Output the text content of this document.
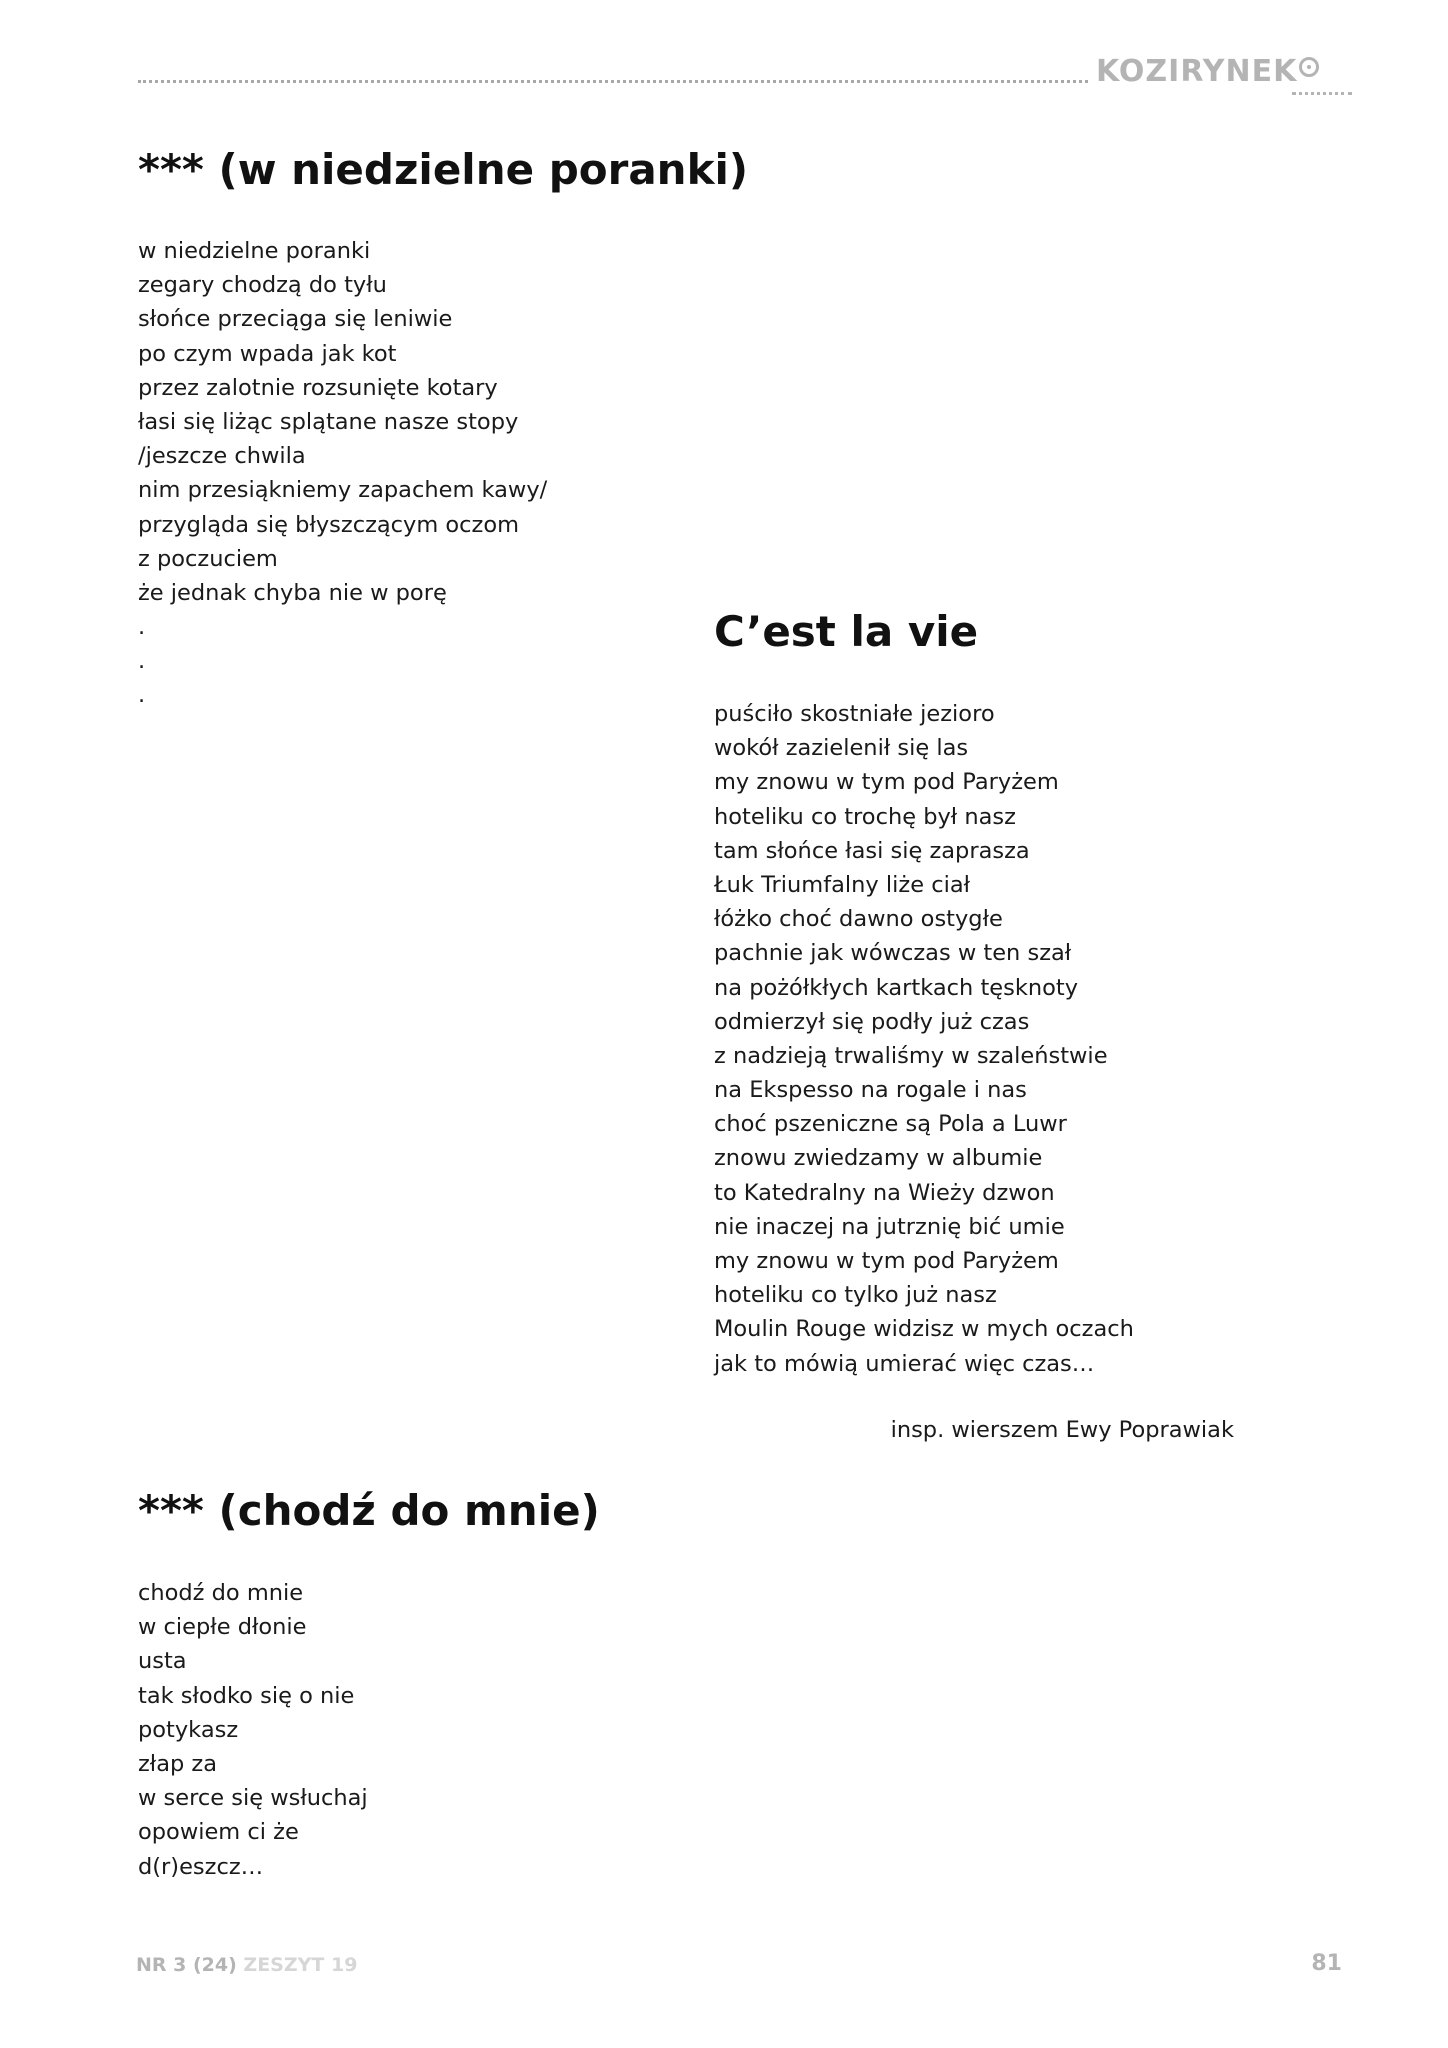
KOZIRYNEK
*** (w niedzielne poranki)
w niedzielne poranki
zegary chodzą do tyłu
słońce przeciąga się leniwie
po czym wpada jak kot
przez zalotnie rozsunięte kotary
łasi się liżąc splątane nasze stopy
/jeszcze chwila
nim przesiąkniemy zapachem kawy/
przygląda się błyszczącym oczom
z poczuciem
że jednak chyba nie w porę
.
.
.
C’est la vie
puściło skostniałe jezioro
wokół zazielenił się las
my znowu w tym pod Paryżem
hoteliku co trochę był nasz
tam słońce łasi się zaprasza
Łuk Triumfalny liże ciał
łóżko choć dawno ostygłe
pachnie jak wówczas w ten szał
na pożółkłych kartkach tęsknoty
odmierzył się podły już czas
z nadzieją trwaliśmy w szaleństwie
na Ekspesso na rogale i nas
choć pszeniczne są Pola a Luwr
znowu zwiedzamy w albumie
to Katedralny na Wieży dzwon
nie inaczej na jutrznię bić umie
my znowu w tym pod Paryżem
hoteliku co tylko już nasz
Moulin Rouge widzisz w mych oczach
jak to mówią umierać więc czas…
insp. wierszem Ewy Poprawiak
*** (chodź do mnie)
chodź do mnie
w ciepłe dłonie
usta
tak słodko się o nie
potykasz
złap za
w serce się wsłuchaj
opowiem ci że
d(r)eszcz…
NR 3 (24) ZESZYT 19	81
